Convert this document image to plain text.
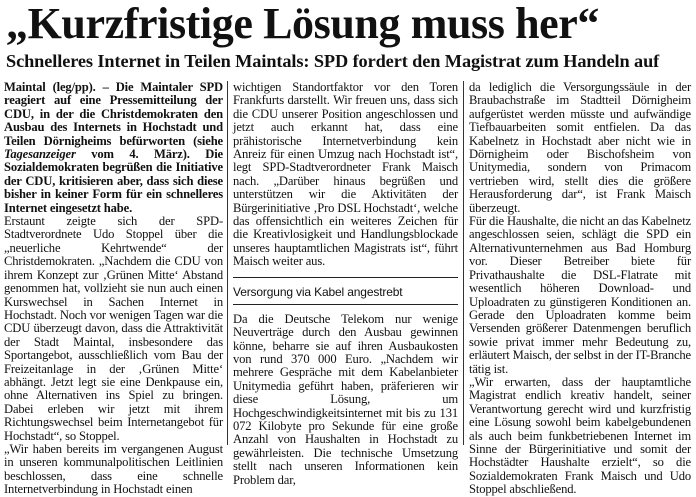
„Kurzfristige Lösung muss her“
Schnelleres Internet in Teilen Maintals: SPD fordert den Magistrat zum Handeln auf

Maintal (leg/pp). – Die Maintaler SPD reagiert auf eine Pressemitteilung der CDU, in der die Christdemokraten den Ausbau des Internets in Hochstadt und Teilen Dörnigheims befürworten (siehe Tagesanzeiger vom 4. März). Die Sozialdemokraten begrüßen die Initiative der CDU, kritisieren aber, dass sich diese bisher in keiner Form für ein schnelleres Internet eingesetzt habe.

Erstaunt zeigte sich der SPD-Stadtverordnete Udo Stoppel über die „neuerliche Kehrtwende“ der Christdemokraten. „Nachdem die CDU von ihrem Konzept zur ‚Grünen Mitte‘ Abstand genommen hat, vollzieht sie nun auch einen Kurswechsel in Sachen Internet in Hochstadt. Noch vor wenigen Tagen war die CDU überzeugt davon, dass die Attraktivität der Stadt Maintal, insbesondere das Sportangebot, ausschließlich vom Bau der Freizeitanlage in der ‚Grünen Mitte‘ abhängt. Jetzt legt sie eine Denkpause ein, ohne Alternativen ins Spiel zu bringen. Dabei erleben wir jetzt mit ihrem Richtungswechsel beim Internetangebot für Hochstadt“, so Stoppel.

„Wir haben bereits im vergangenen August in unseren kommunalpolitischen Leitlinien beschlossen, dass eine schnelle Internetverbindung in Hochstadt einen

wichtigen Standortfaktor vor den Toren Frankfurts darstellt. Wir freuen uns, dass sich die CDU unserer Position angeschlossen und jetzt auch erkannt hat, dass eine prähistorische Internetverbindung kein Anreiz für einen Umzug nach Hochstadt ist“, legt SPD-Stadtverordneter Frank Maisch nach. „Darüber hinaus begrüßen und unterstützen wir die Aktivitäten der Bürgerinitiative ‚Pro DSL Hochstadt‘, welche das offensichtlich ein weiteres Zeichen für die Kreativlosigkeit und Handlungsblockade unseres hauptamtlichen Magistrats ist“, führt Maisch weiter aus.

Versorgung via Kabel angestrebt

Da die Deutsche Telekom nur wenige Neuverträge durch den Ausbau gewinnen könne, beharre sie auf ihren Ausbaukosten von rund 370 000 Euro. „Nachdem wir mehrere Gespräche mit dem Kabelanbieter Unitymedia geführt haben, präferieren wir diese Lösung, um Hochgeschwindigkeitsinternet mit bis zu 131 072 Kilobyte pro Sekunde für eine große Anzahl von Haushalten in Hochstadt zu gewährleisten. Die technische Umsetzung stellt nach unseren Informationen kein Problem dar,

da lediglich die Versorgungssäule in der Braubachstraße im Stadtteil Dörnigheim aufgerüstet werden müsste und aufwändige Tiefbauarbeiten somit entfielen. Da das Kabelnetz in Hochstadt aber nicht wie in Dörnigheim oder Bischofsheim von Unitymedia, sondern von Primacom vertrieben wird, stellt dies die größere Herausforderung dar“, ist Frank Maisch überzeugt.

Für die Haushalte, die nicht an das Kabelnetz angeschlossen seien, schlägt die SPD ein Alternativunternehmen aus Bad Homburg vor. Dieser Betreiber biete für Privathaushalte die DSL-Flatrate mit wesentlich höheren Download- und Uploadraten zu günstigeren Konditionen an. Gerade den Uploadraten komme beim Versenden größerer Datenmengen beruflich sowie privat immer mehr Bedeutung zu, erläutert Maisch, der selbst in der IT-Branche tätig ist.

„Wir erwarten, dass der hauptamtliche Magistrat endlich kreativ handelt, seiner Verantwortung gerecht wird und kurzfristig eine Lösung sowohl beim kabelgebundenen als auch beim funkbetriebenen Internet im Sinne der Bürgerinitiative und somit der Hochstädter Haushalte erzielt“, so die Sozialdemokraten Frank Maisch und Udo Stoppel abschließend.
